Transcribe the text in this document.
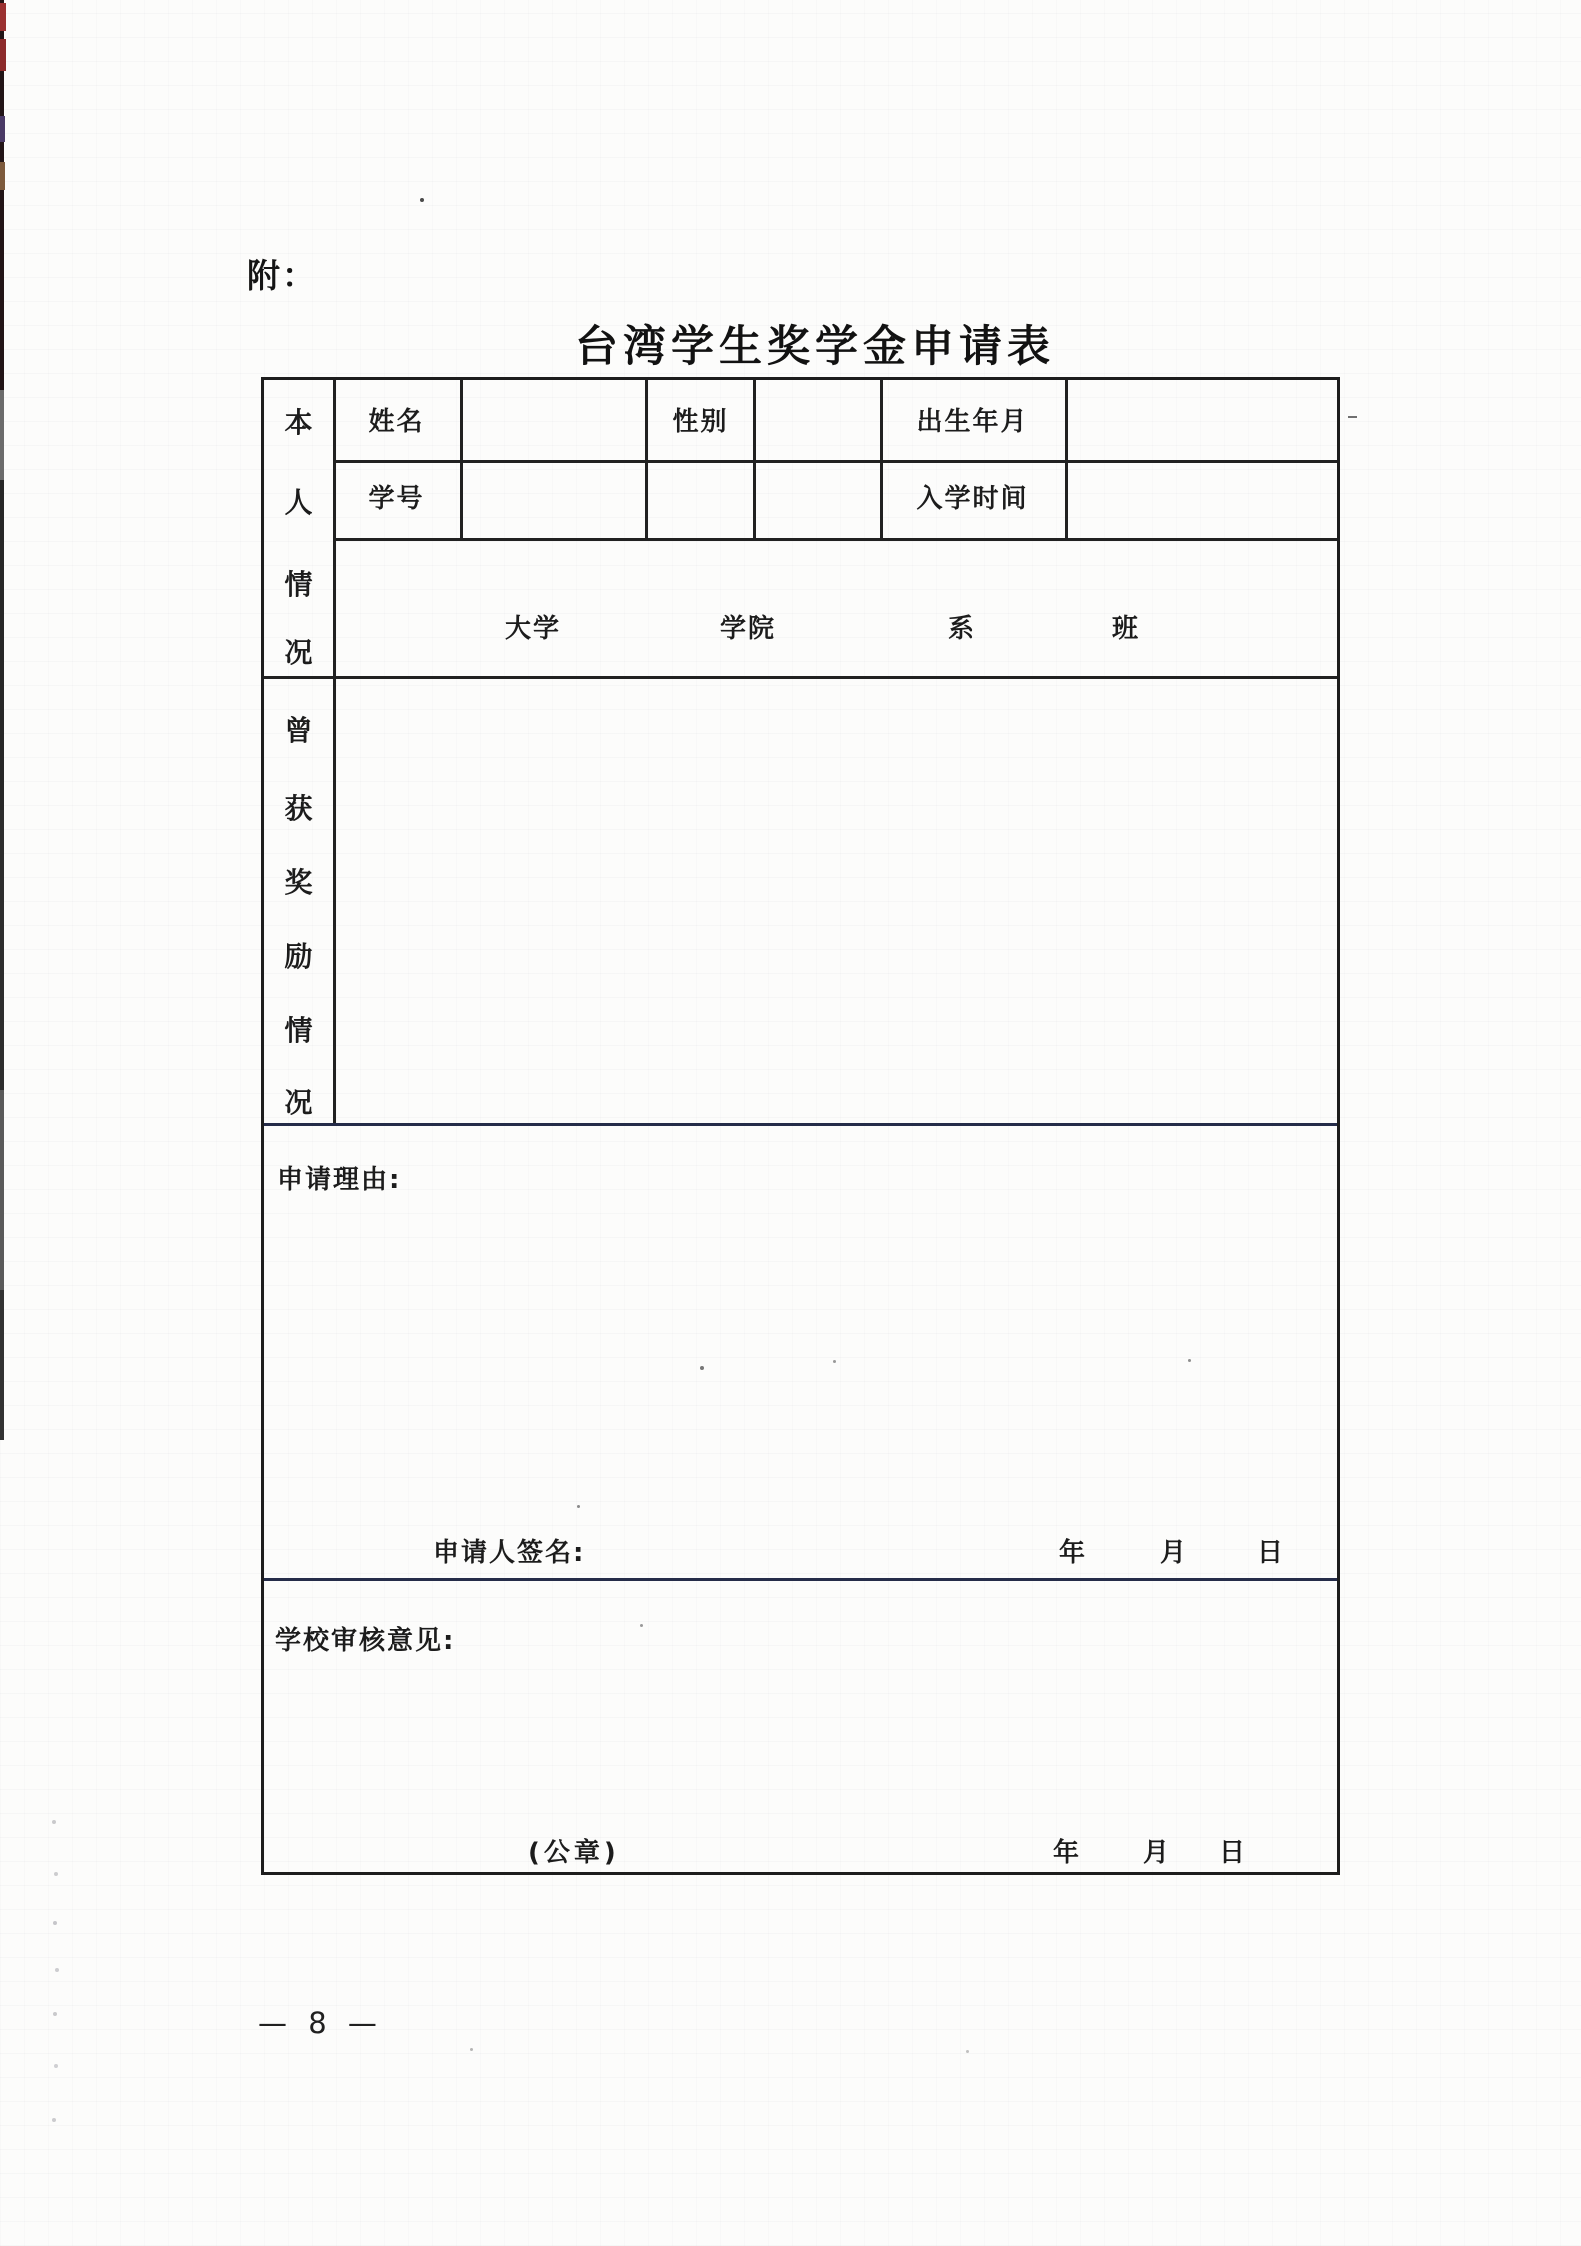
附：
台湾学生奖学金申请表
本
人
情
况
姓名	性别	出生年月
学号	入学时间
大学	学院	系	班
曾
获
奖
励
情
况
申请理由:
申请人签名:	年	月	日
学校审核意见:
(公章)	年 月 日
— 8 —
